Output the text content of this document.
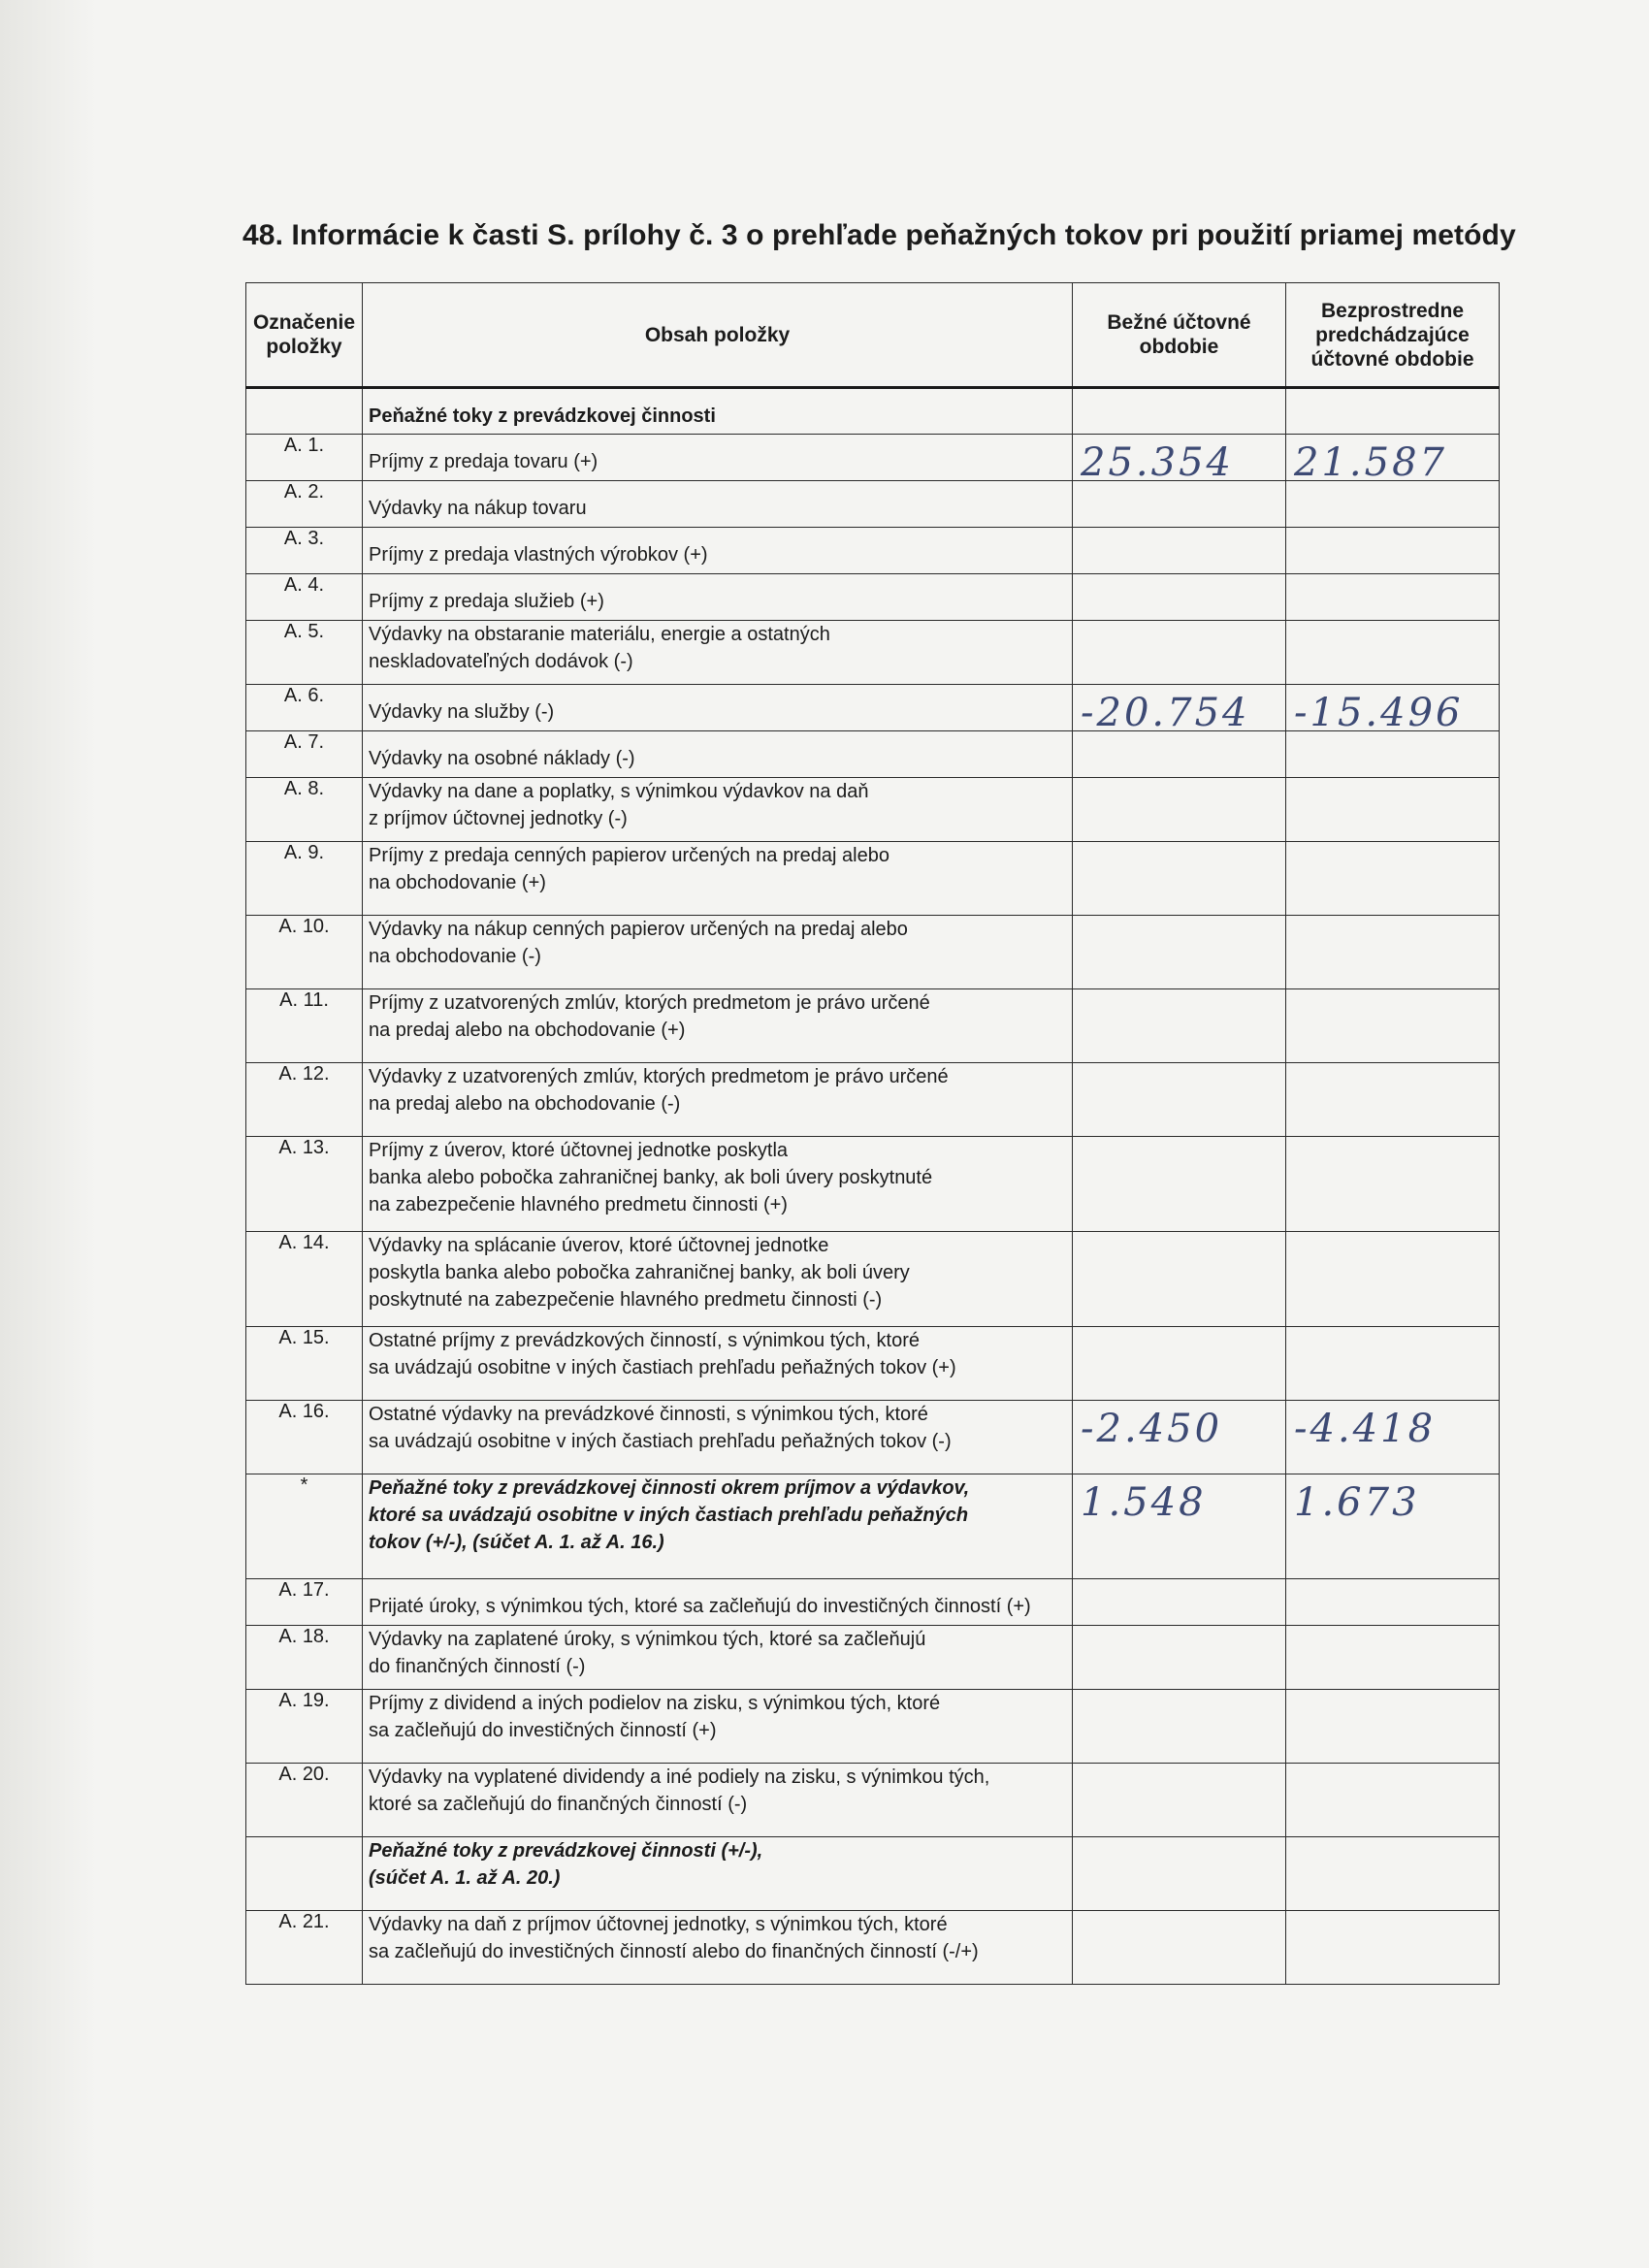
48. Informácie k časti S. prílohy č. 3 o prehľade peňažných tokov pri použití priamej metódy
Označenie položky	Obsah položky	Bežné účtovné obdobie	Bezprostredne predchádzajúce účtovné obdobie
	Peňažné toky z prevádzkovej činnosti		
A. 1.	Príjmy z predaja tovaru (+)	25.354	21.587

A. 2.	Výdavky na nákup tovaru		
A. 3.	Príjmy z predaja vlastných výrobkov (+)		
A. 4.	Príjmy z predaja služieb (+)		
A. 5.	Výdavky na obstaranie materiálu, energie a ostatných
neskladovateľných dodávok (-)		
A. 6.	Výdavky na služby (-)	-20.754	-15.496

A. 7.	Výdavky na osobné náklady (-)		
A. 8.	Výdavky na dane a poplatky, s výnimkou výdavkov na daň
z príjmov účtovnej jednotky (-)		
A. 9.	Príjmy z predaja cenných papierov určených na predaj alebo
na obchodovanie (+)		
A. 10.	Výdavky na nákup cenných papierov určených na predaj alebo
na obchodovanie (-)		
A. 11.	Príjmy z uzatvorených zmlúv, ktorých predmetom je právo určené
na predaj alebo na obchodovanie (+)		
A. 12.	Výdavky z uzatvorených zmlúv, ktorých predmetom je právo určené
na predaj alebo na obchodovanie (-)		
A. 13.	Príjmy z úverov, ktoré účtovnej jednotke poskytla
banka alebo pobočka zahraničnej banky, ak boli úvery poskytnuté
na zabezpečenie hlavného predmetu činnosti (+)		
A. 14.	Výdavky na splácanie úverov, ktoré účtovnej jednotke
poskytla banka alebo pobočka zahraničnej banky, ak boli úvery
poskytnuté na zabezpečenie hlavného predmetu činnosti (-)		
A. 15.	Ostatné príjmy z prevádzkových činností, s výnimkou tých, ktoré
sa uvádzajú osobitne v iných častiach prehľadu peňažných tokov (+)		
A. 16.	Ostatné výdavky na prevádzkové činnosti, s výnimkou tých, ktoré
sa uvádzajú osobitne v iných častiach prehľadu peňažných tokov (-)	-2.450	-4.418

*	Peňažné toky z prevádzkovej činnosti okrem príjmov a výdavkov,
ktoré sa uvádzajú osobitne v iných častiach prehľadu peňažných
tokov (+/-), (súčet A. 1. až A. 16.)	1.548	1.673

A. 17.	Prijaté úroky, s výnimkou tých, ktoré sa začleňujú do investičných činností (+)		
A. 18.	Výdavky na zaplatené úroky, s výnimkou tých, ktoré sa začleňujú
do finančných činností (-)		
A. 19.	Príjmy z dividend a iných podielov na zisku, s výnimkou tých, ktoré
sa začleňujú do investičných činností (+)		
A. 20.	Výdavky na vyplatené dividendy a iné podiely na zisku, s výnimkou tých,
ktoré sa začleňujú do finančných činností (-)		
	Peňažné toky z prevádzkovej činnosti (+/-),
(súčet A. 1. až A. 20.)		
A. 21.	Výdavky na daň z príjmov účtovnej jednotky, s výnimkou tých, ktoré
sa začleňujú do investičných činností alebo do finančných činností (-/+)		
